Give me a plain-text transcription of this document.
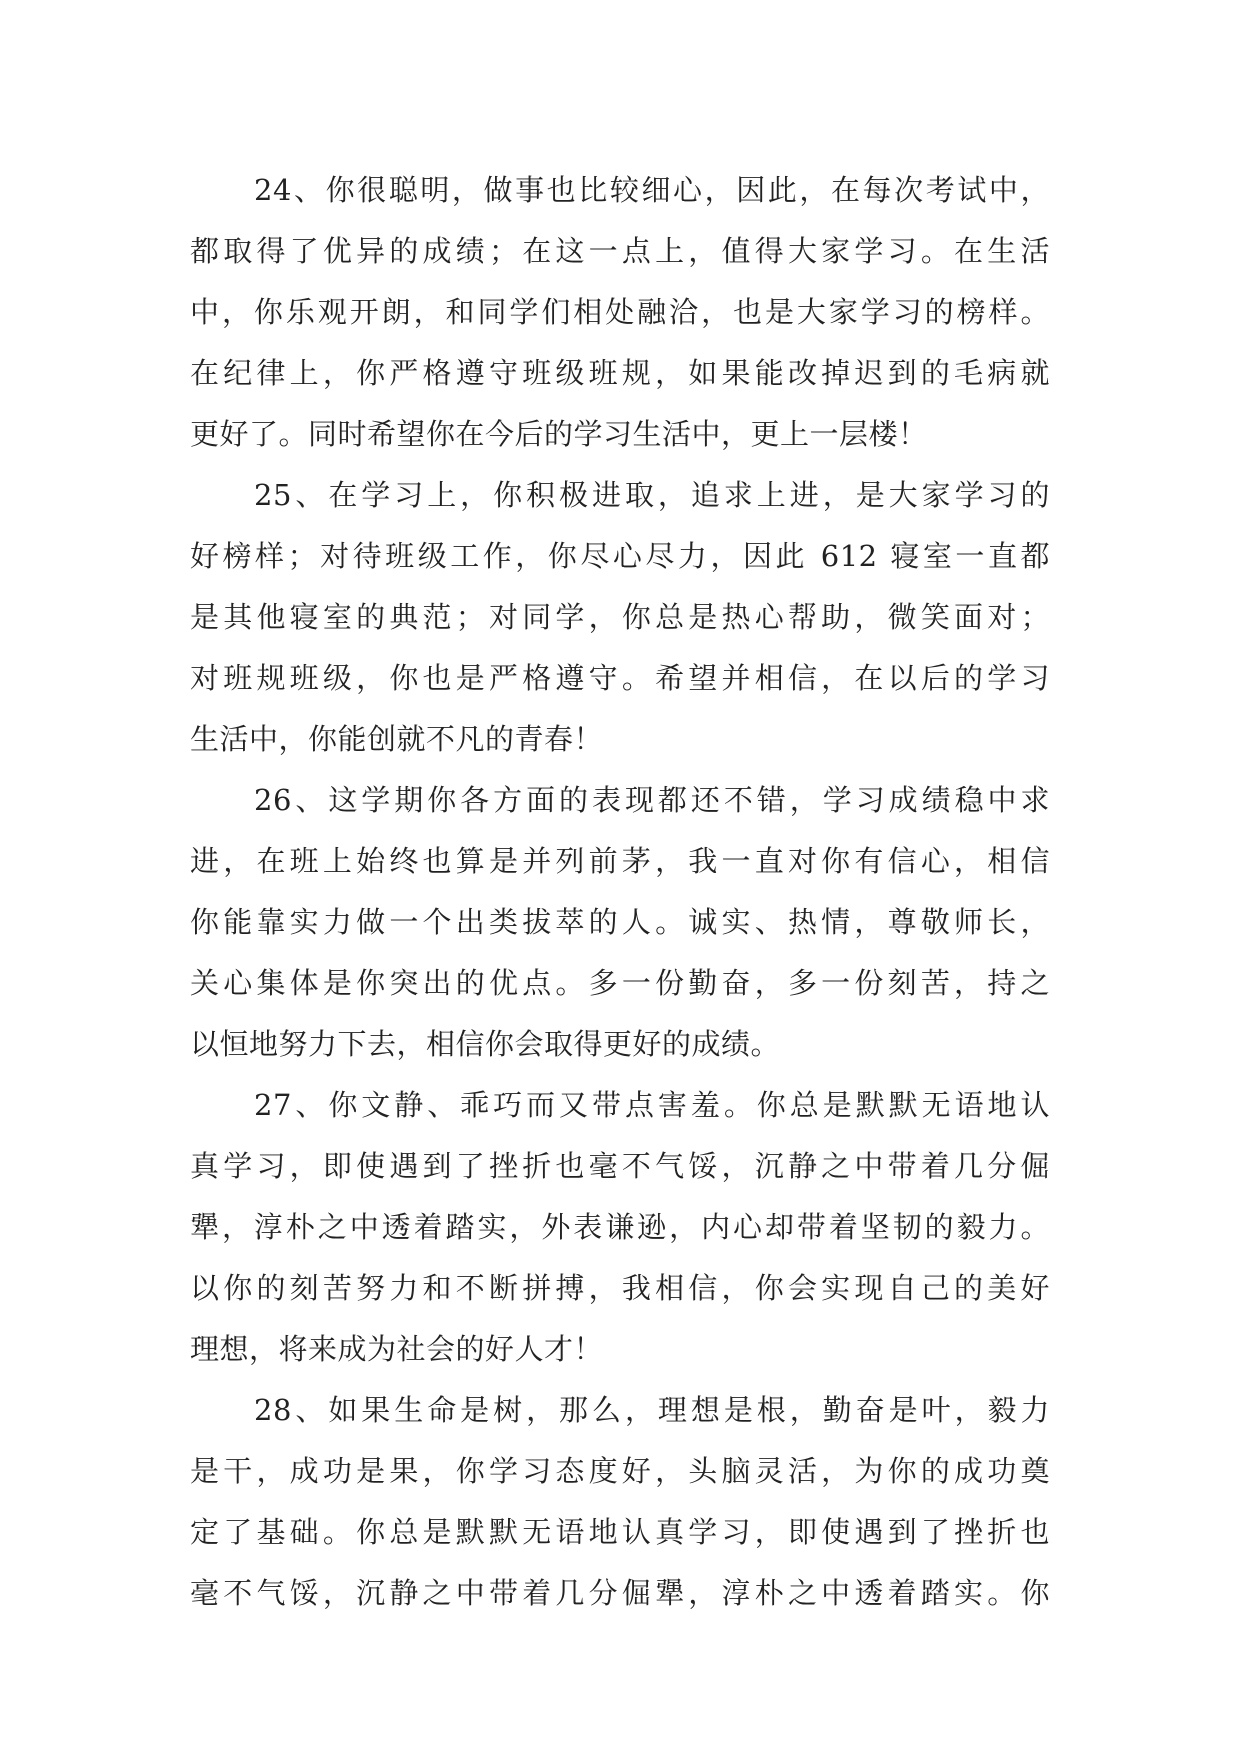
24、你很聪明，做事也比较细心，因此，在每次考试中，
都取得了优异的成绩；在这一点上，值得大家学习。在生活
中，你乐观开朗，和同学们相处融洽，也是大家学习的榜样。
在纪律上，你严格遵守班级班规，如果能改掉迟到的毛病就
更好了。同时希望你在今后的学习生活中，更上一层楼！
25、在学习上，你积极进取，追求上进，是大家学习的
好榜样；对待班级工作，你尽心尽力，因此 612 寝室一直都
是其他寝室的典范；对同学，你总是热心帮助，微笑面对；
对班规班级，你也是严格遵守。希望并相信，在以后的学习
生活中，你能创就不凡的青春！
26、这学期你各方面的表现都还不错，学习成绩稳中求
进，在班上始终也算是并列前茅，我一直对你有信心，相信
你能靠实力做一个出类拔萃的人。诚实、热情，尊敬师长，
关心集体是你突出的优点。多一份勤奋，多一份刻苦，持之
以恒地努力下去，相信你会取得更好的成绩。
27、你文静、乖巧而又带点害羞。你总是默默无语地认
真学习，即使遇到了挫折也毫不气馁，沉静之中带着几分倔
犟，淳朴之中透着踏实，外表谦逊，内心却带着坚韧的毅力。
以你的刻苦努力和不断拼搏，我相信，你会实现自己的美好
理想，将来成为社会的好人才！
28、如果生命是树，那么，理想是根，勤奋是叶，毅力
是干，成功是果，你学习态度好，头脑灵活，为你的成功奠
定了基础。你总是默默无语地认真学习，即使遇到了挫折也
毫不气馁，沉静之中带着几分倔犟，淳朴之中透着踏实。你
